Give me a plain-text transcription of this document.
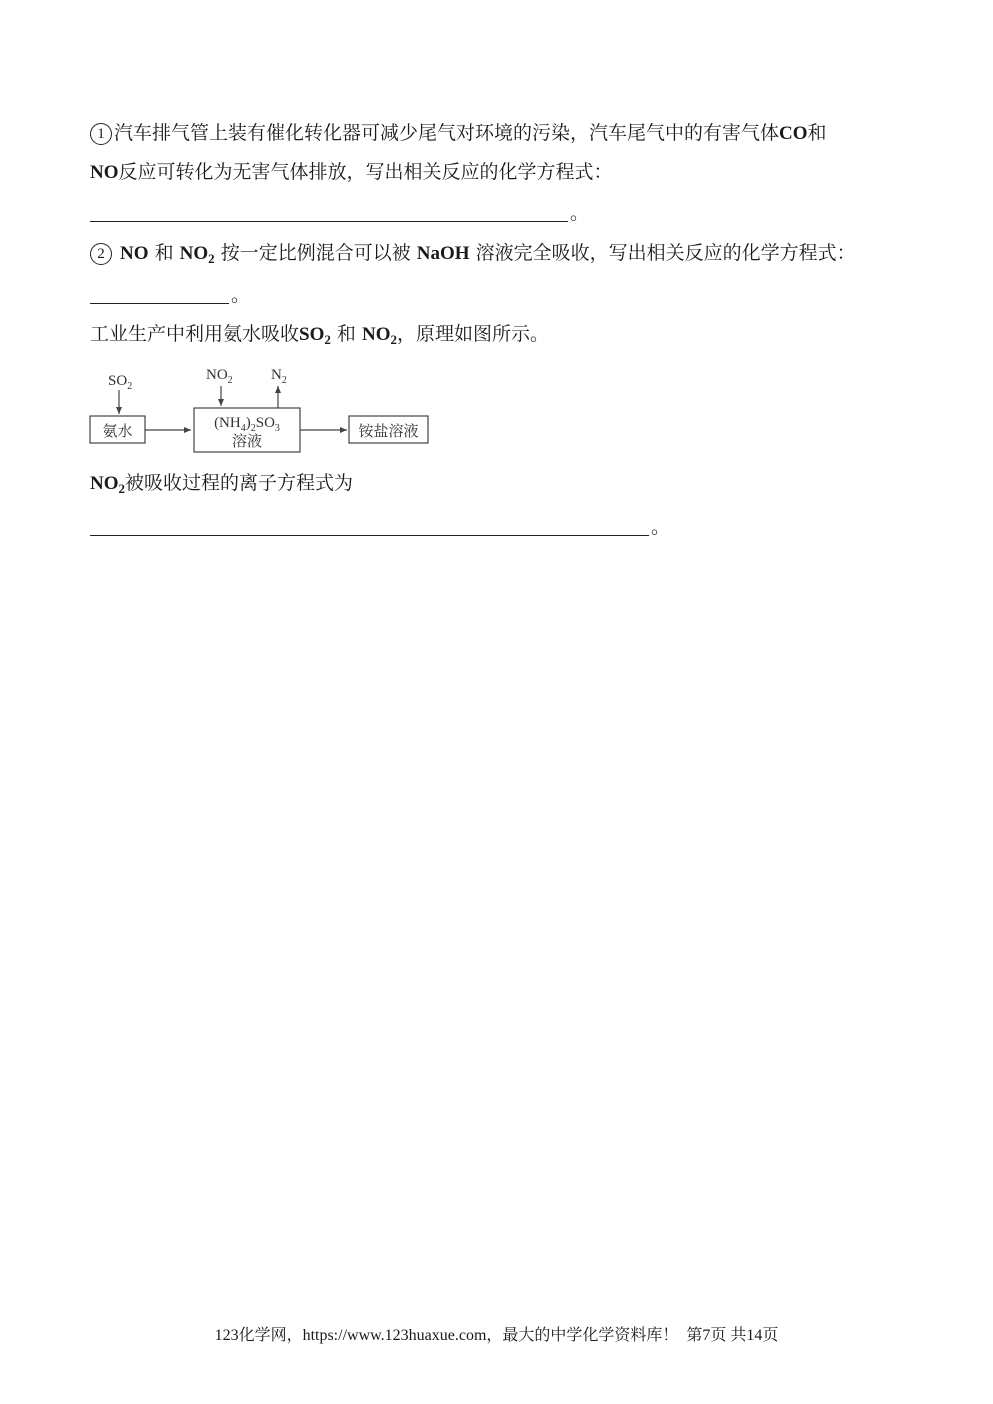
1 汽车排气管上装有催化转化器可减少尾气对环境的污染，汽车尾气中的有害气体CO和
NO反应可转化为无害气体排放，写出相关反应的化学方程式：
。
2 NO 和 $NO_2$ 按一定比例混合可以被 NaOH 溶液完全吸收，写出相关反应的化学方程式：
。
工业生产中利用氨水吸收$SO_2$ 和 $NO_2$，原理如图所示。
$SO_2$
氨水
$NO_2$	$N_2$
$(NH_4)_2SO_3$
溶液
铵盐溶液
$NO_2$被吸收过程的离子方程式为
。
123化学网，https://www.123huaxue.com，最大的中学化学资料库！ 第7页 共14页
